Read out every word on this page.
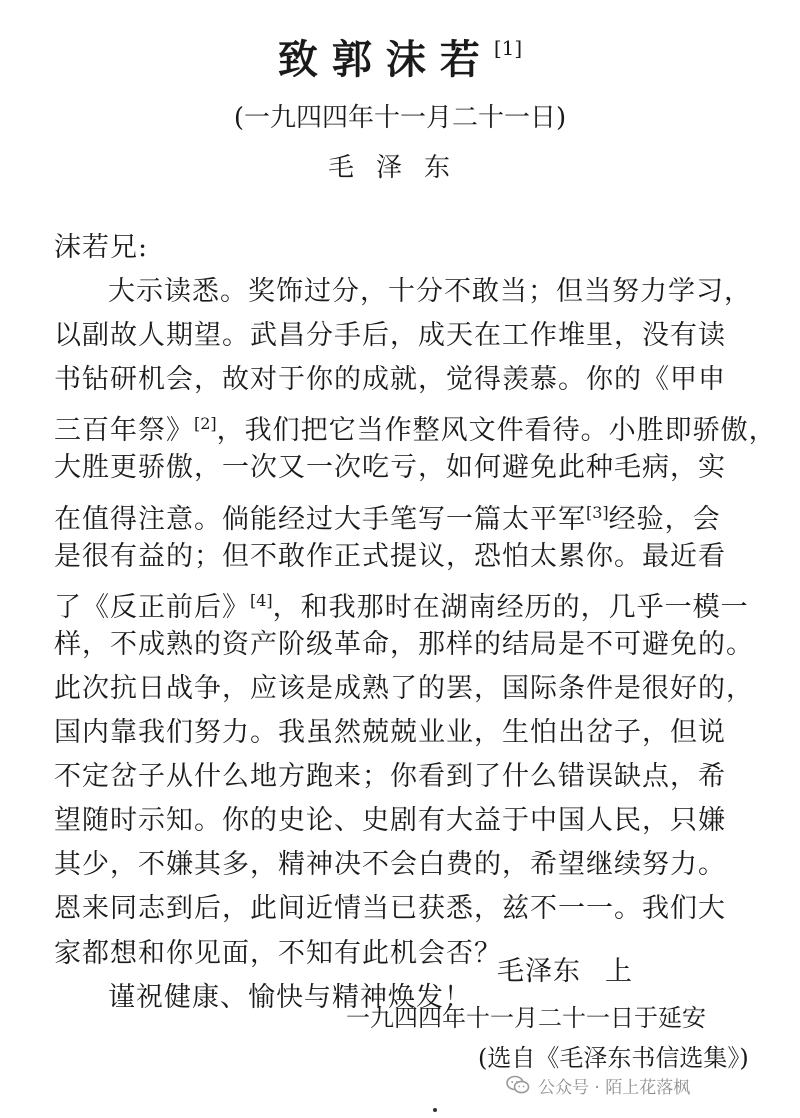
致郭沫若[1]
(一九四四年十一月二十一日)
毛泽东
沫若兄:
大示读悉。奖饰过分，十分不敢当；但当努力学习，
以副故人期望。武昌分手后，成天在工作堆里，没有读
书钻研机会，故对于你的成就，觉得羡慕。你的《甲申
三百年祭》[2]，我们把它当作整风文件看待。小胜即骄傲，
大胜更骄傲，一次又一次吃亏，如何避免此种毛病，实
在值得注意。倘能经过大手笔写一篇太平军[3]经验，会
是很有益的；但不敢作正式提议，恐怕太累你。最近看
了《反正前后》[4]，和我那时在湖南经历的，几乎一模一
样，不成熟的资产阶级革命，那样的结局是不可避免的。
此次抗日战争，应该是成熟了的罢，国际条件是很好的，
国内靠我们努力。我虽然兢兢业业，生怕出岔子，但说
不定岔子从什么地方跑来；你看到了什么错误缺点，希
望随时示知。你的史论、史剧有大益于中国人民，只嫌
其少，不嫌其多，精神决不会白费的，希望继续努力。
恩来同志到后，此间近情当已获悉，兹不一一。我们大
家都想和你见面，不知有此机会否？
谨祝健康、愉快与精神焕发！
毛泽东 上
一九四四年十一月二十一日于延安
(选自《毛泽东书信选集》)
公众号 · 陌上花落枫
